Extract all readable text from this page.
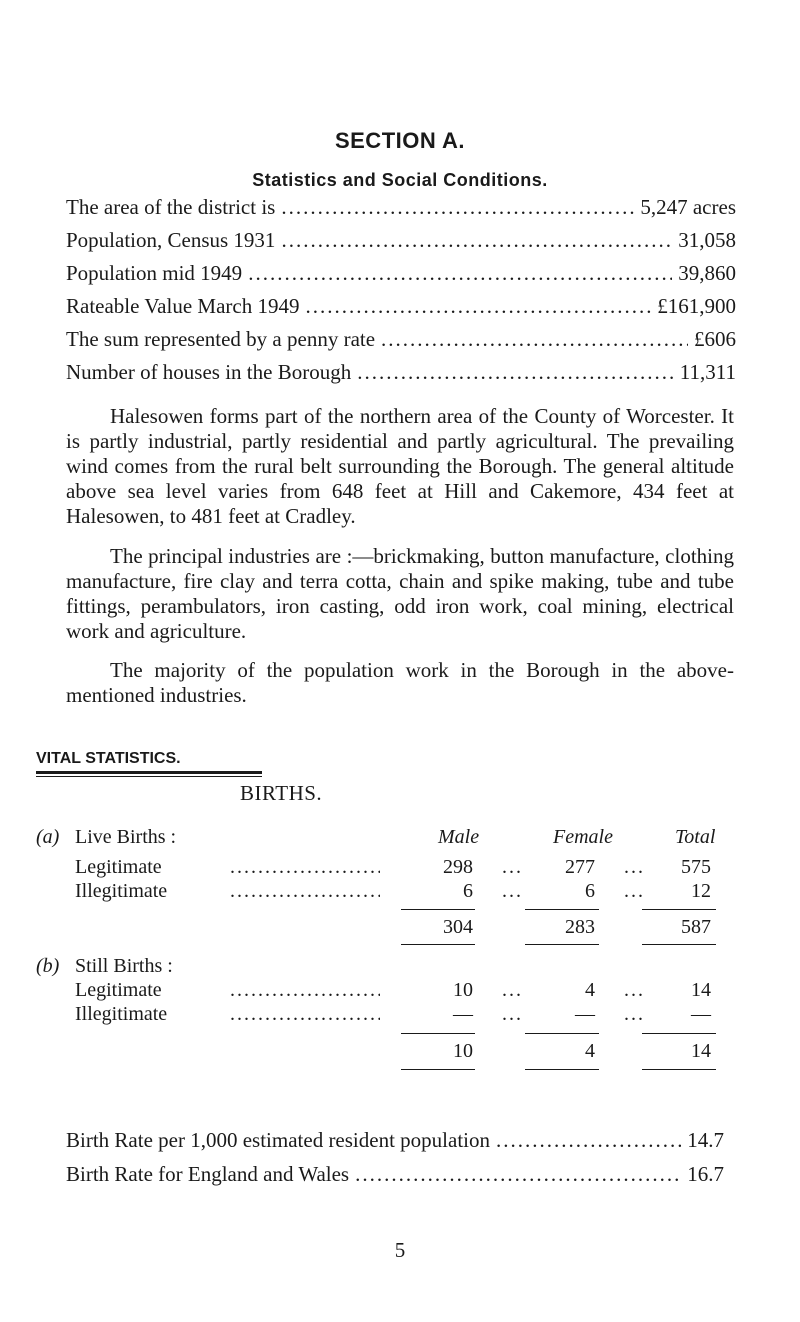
SECTION A.
Statistics and Social Conditions.
The area of the district is .....	5,247 acres
Population, Census 1931 .....	31,058
Population mid 1949 .....	39,860
Rateable Value March 1949 .....	£161,900
The sum represented by a penny rate .....	£606
Number of houses in the Borough .....	11,311

Halesowen forms part of the northern area of the County of Worcester. It is partly industrial, partly residential and partly agricultural. The prevailing wind comes from the rural belt surrounding the Borough. The general altitude above sea level varies from 648 feet at Hill and Cakemore, 434 feet at Halesowen, to 481 feet at Cradley.

The principal industries are :—brickmaking, button manufacture, clothing manufacture, fire clay and terra cotta, chain and spike making, tube and tube fittings, perambulators, iron casting, odd iron work, coal mining, electrical work and agriculture.

The majority of the population work in the Borough in the above-mentioned industries.

VITAL STATISTICS.
BIRTHS.
(a) Live Births :	Male	Female	Total
Legitimate .....	298 ...	277 ...	575
Illegitimate .....	6 ...	6 ...	12
304	283	587
(b) Still Births :
Legitimate .....	10 ...	4 ...	14
Illegitimate .....	— ...	— ...	—
10	4	14
Birth Rate per 1,000 estimated resident population .....	14.7
Birth Rate for England and Wales .....	16.7
5
